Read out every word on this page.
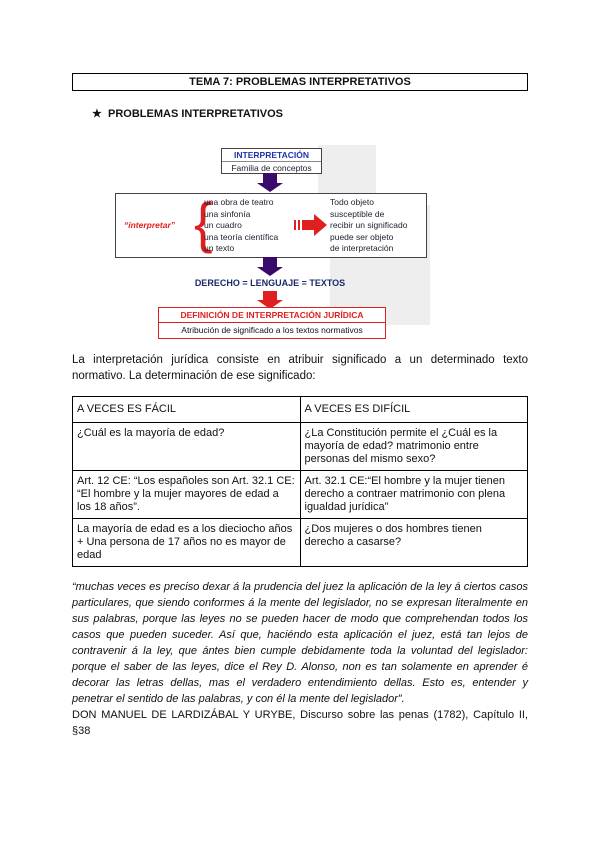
TEMA 7: PROBLEMAS INTERPRETATIVOS
★ PROBLEMAS INTERPRETATIVOS
INTERPRETACIÓN
Familia de conceptos
“interpretar” {
una obra de teatro
una sinfonía
un cuadro
una teoría científica
un texto
Todo objeto
susceptible de
recibir un significado
puede ser objeto
de interpretación
DERECHO = LENGUAJE = TEXTOS
DEFINICIÓN DE INTERPRETACIÓN JURÍDICA
Atribución de significado a los textos normativos

La interpretación jurídica consiste en atribuir significado a un determinado texto normativo. La determinación de ese significado:

A VECES ES FÁCIL	A VECES ES DIFÍCIL
¿Cuál es la mayoría de edad?	¿La Constitución permite el ¿Cuál es la mayoría de edad? matrimonio entre personas del mismo sexo?
Art. 12 CE: “Los españoles son Art. 32.1 CE: “El hombre y la mujer mayores de edad a los 18 años”.	Art. 32.1 CE:“El hombre y la mujer tienen derecho a contraer matrimonio con plena igualdad jurídica”
La mayoría de edad es a los dieciocho años + Una persona de 17 años no es mayor de edad	¿Dos mujeres o dos hombres tienen derecho a casarse?
“muchas veces es preciso dexar á la prudencia del juez la aplicación de la ley á ciertos casos particulares, que siendo conformes á la mente del legislador, no se expresan literalmente en sus palabras, porque las leyes no se pueden hacer de modo que comprehendan todos los casos que pueden suceder. Así que, haciéndo esta aplicación el juez, está tan lejos de contravenir á la ley, que ántes bien cumple debidamente toda la voluntad del legislador: porque el saber de las leyes, dice el Rey D. Alonso, non es tan solamente en aprender é decorar las letras dellas, mas el verdadero entendimiento dellas. Esto es, entender y penetrar el sentido de las palabras, y con él la mente del legislador”.
DON MANUEL DE LARDIZÁBAL Y URYBE, Discurso sobre las penas (1782), Capítulo II, §38
